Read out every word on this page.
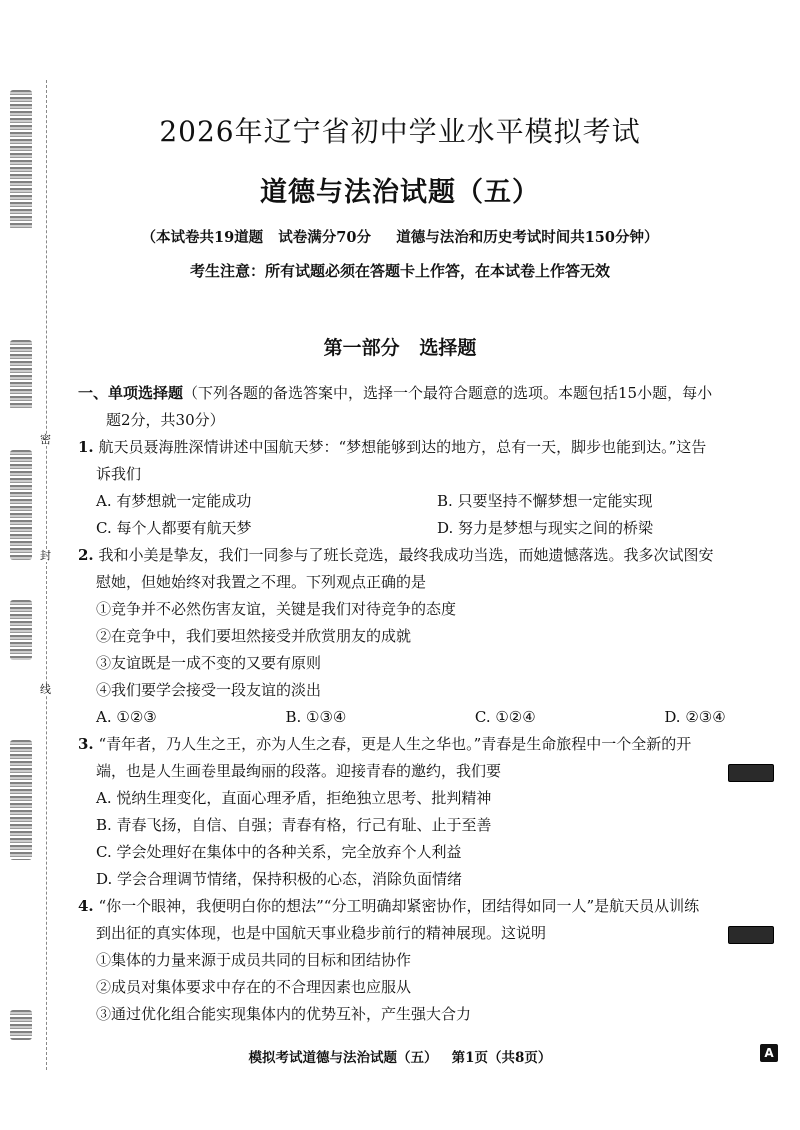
密
封
线
2026年辽宁省初中学业水平模拟考试
道德与法治试题（五）
（本试卷共19道题   试卷满分70分     道德与法治和历史考试时间共150分钟）
考生注意：所有试题必须在答题卡上作答，在本试卷上作答无效
第一部分   选择题
一、单项选择题（下列各题的备选答案中，选择一个最符合题意的选项。本题包括15小题，每小
题2分，共30分）
1. 航天员聂海胜深情讲述中国航天梦：“梦想能够到达的地方，总有一天，脚步也能到达。”这告
诉我们
A. 有梦想就一定能成功	B. 只要坚持不懈梦想一定能实现
C. 每个人都要有航天梦	D. 努力是梦想与现实之间的桥梁
2. 我和小美是挚友，我们一同参与了班长竞选，最终我成功当选，而她遗憾落选。我多次试图安
慰她，但她始终对我置之不理。下列观点正确的是
①竞争并不必然伤害友谊，关键是我们对待竞争的态度
②在竞争中，我们要坦然接受并欣赏朋友的成就
③友谊既是一成不变的又要有原则
④我们要学会接受一段友谊的淡出
A. ①②③	B. ①③④	C. ①②④	D. ②③④
3. “青年者，乃人生之王，亦为人生之春，更是人生之华也。”青春是生命旅程中一个全新的开
端，也是人生画卷里最绚丽的段落。迎接青春的邀约，我们要
A. 悦纳生理变化，直面心理矛盾，拒绝独立思考、批判精神
B. 青春飞扬，自信、自强；青春有格，行己有耻、止于至善
C. 学会处理好在集体中的各种关系，完全放弃个人利益
D. 学会合理调节情绪，保持积极的心态，消除负面情绪
4. “你一个眼神，我便明白你的想法”“分工明确却紧密协作，团结得如同一人”是航天员从训练
到出征的真实体现，也是中国航天事业稳步前行的精神展现。这说明
①集体的力量来源于成员共同的目标和团结协作
②成员对集体要求中存在的不合理因素也应服从
③通过优化组合能实现集体内的优势互补，产生强大合力
模拟考试道德与法治试题（五）   第1页（共8页）	A
